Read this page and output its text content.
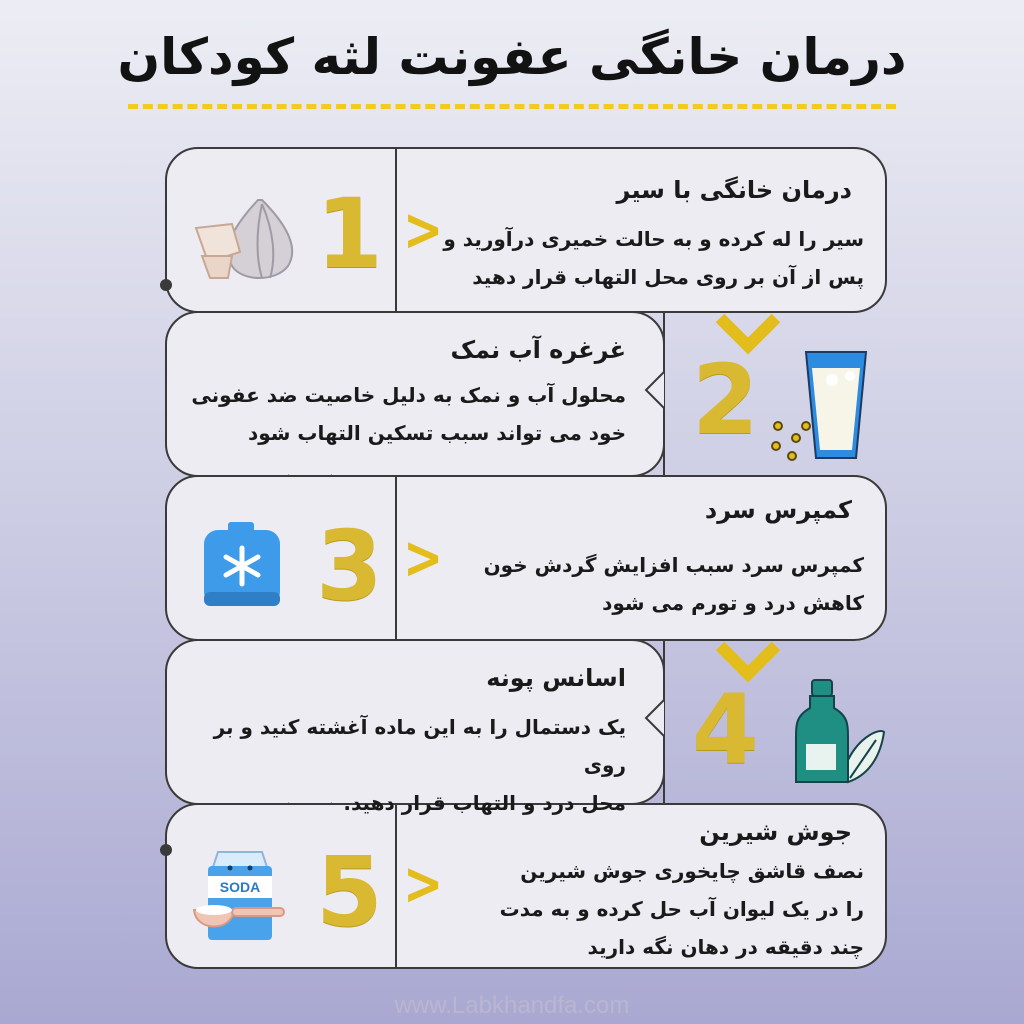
درمان خانگی عفونت لثه کودکان
SODA
1
2
3
4
5
>
>
>
درمان خانگی با سیر
سیر را له کرده و به حالت خمیری درآورید و
پس از آن بر روی محل التهاب قرار دهید
غرغره آب نمک
محلول آب و نمک به دلیل خاصیت ضد عفونی
خود می تواند سبب تسکین التهاب شود
کمپرس سرد
کمپرس سرد سبب افزایش گردش خون
کاهش درد و تورم می شود
اسانس پونه
یک دستمال را به این ماده آغشته کنید و بر روی
محل درد و التهاب قرار دهید.
جوش شیرین
نصف قاشق چایخوری جوش شیرین
را در یک لیوان آب حل کرده و به مدت
چند دقیقه در دهان نگه دارید
www.Labkhandfa.com
